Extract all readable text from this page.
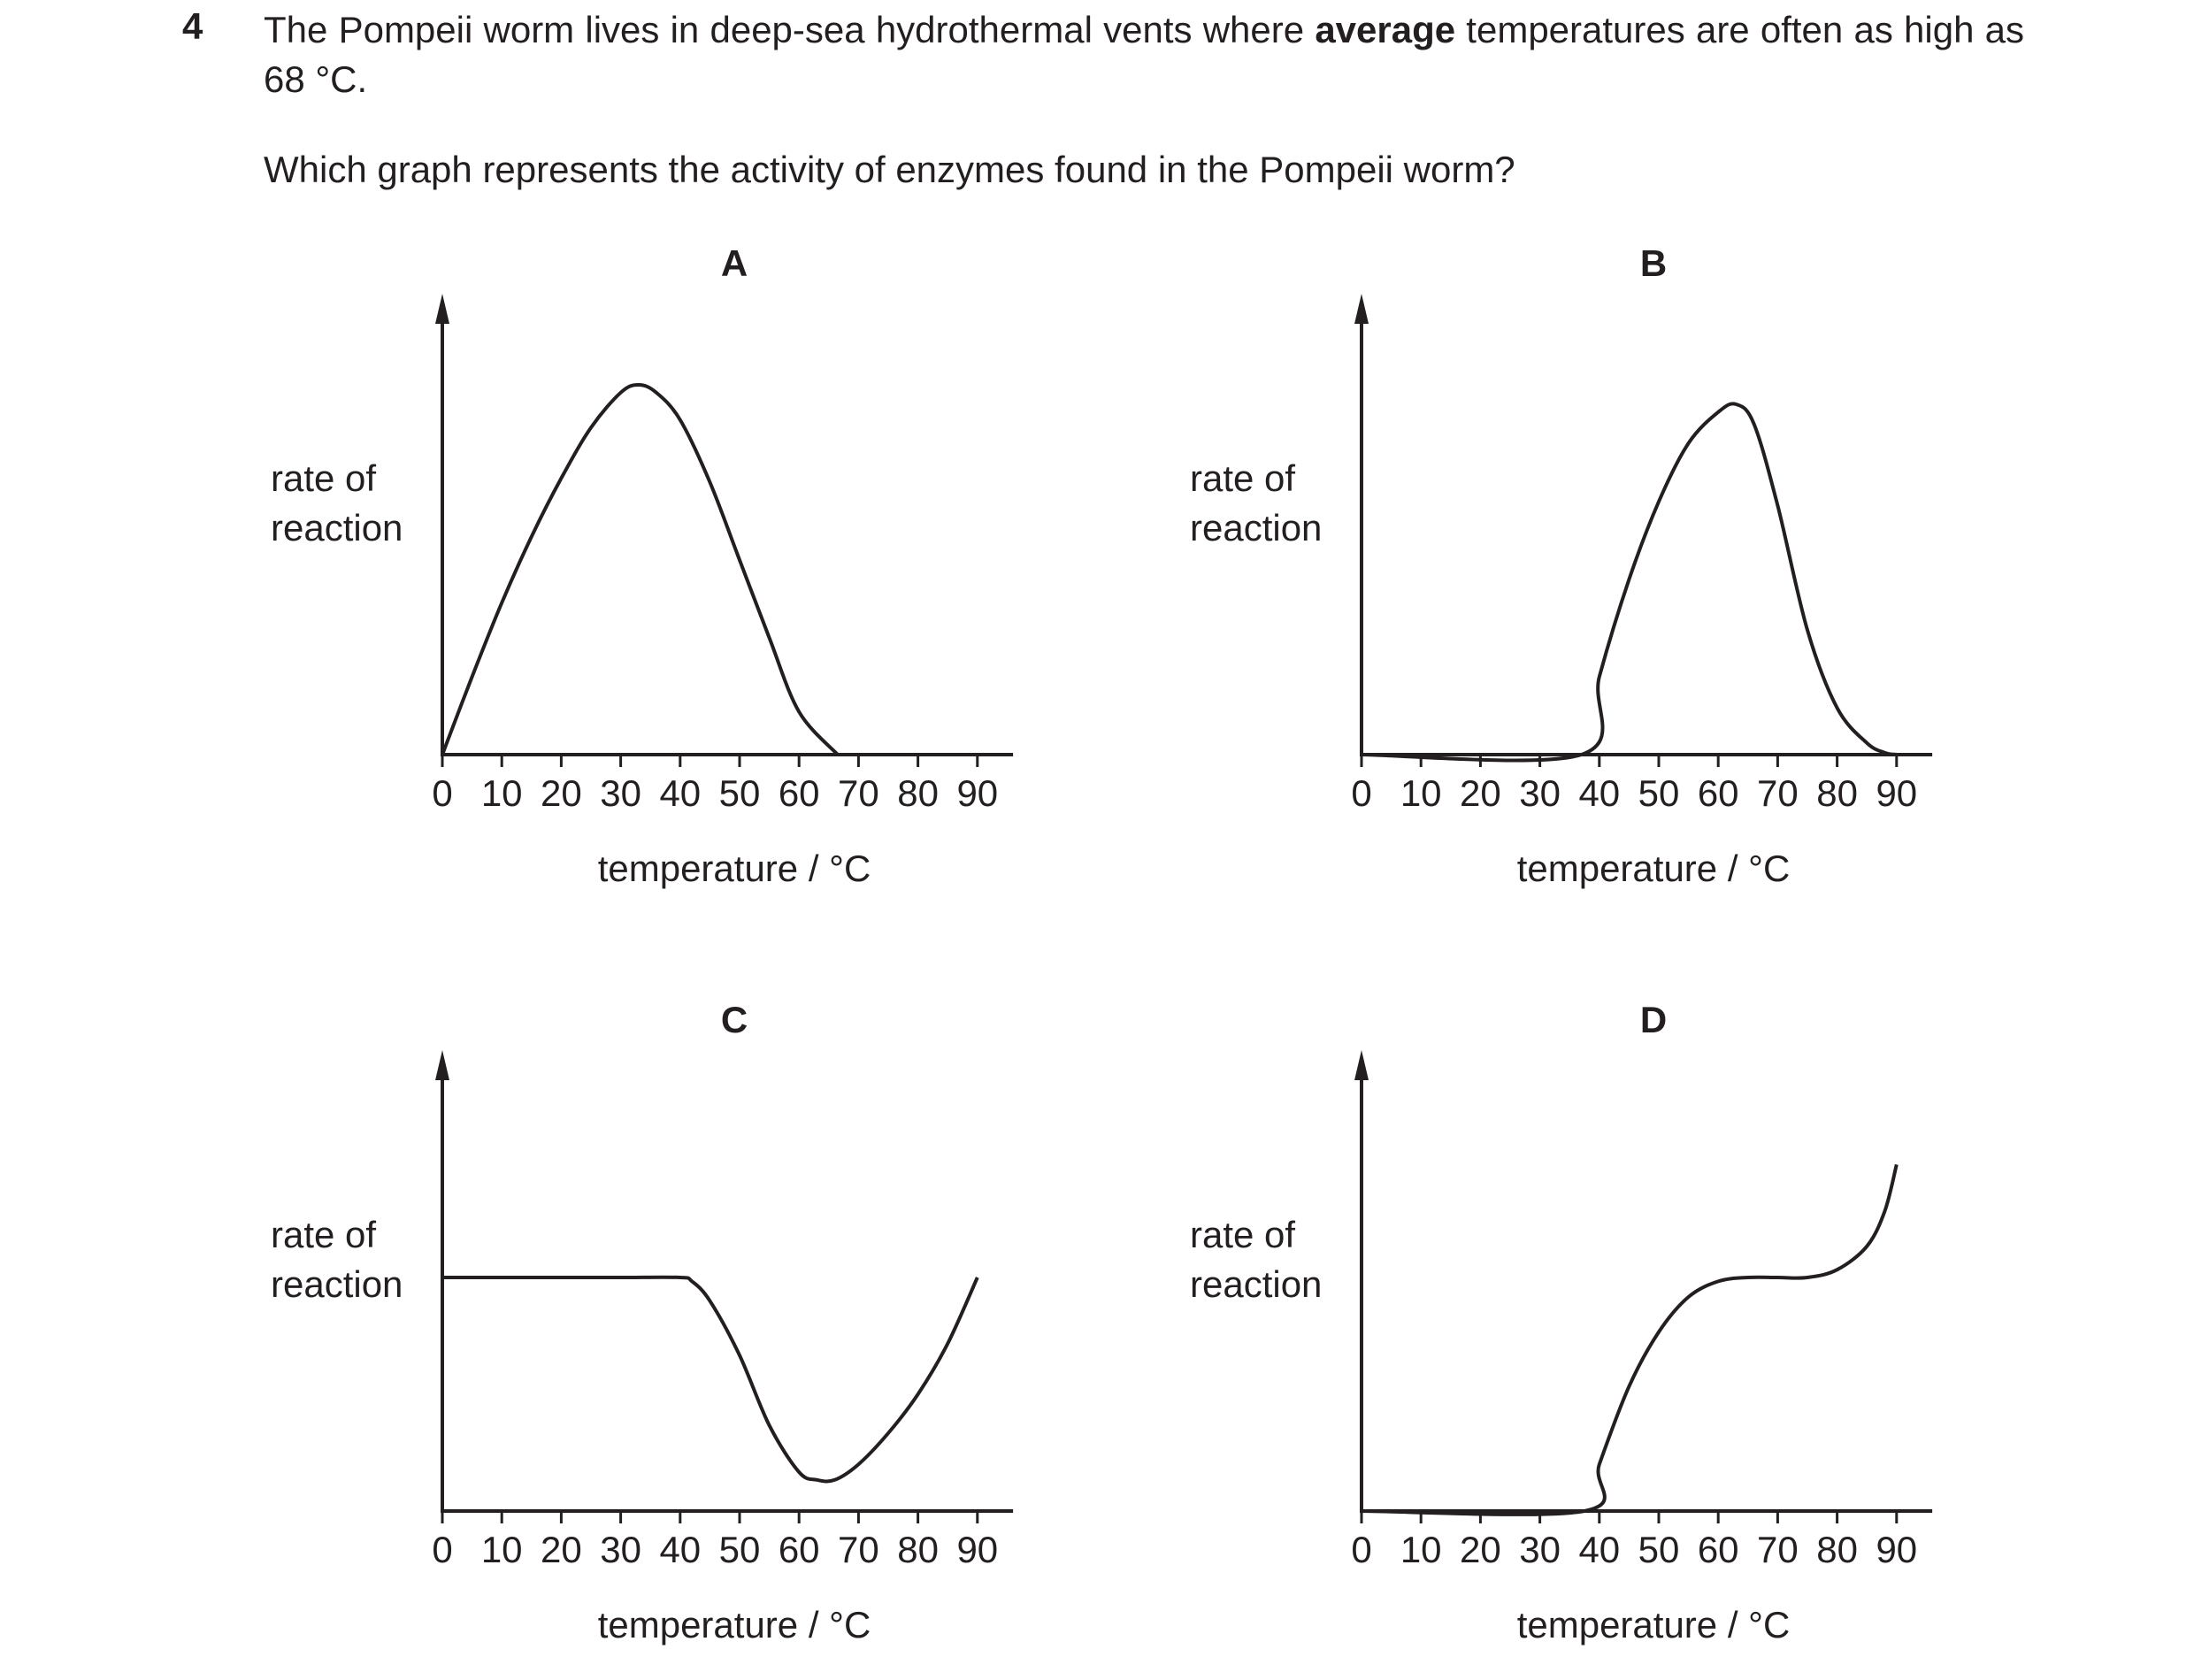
4 The Pompeii worm lives in deep-sea hydrothermal vents where average temperatures are often as high as 68 °C.
Which graph represents the activity of enzymes found in the Pompeii worm?
A
0 10 20 30 40 50 60 70 80 90
temperature / °C
rate of
reaction
B
0 10 20 30 40 50 60 70 80 90
temperature / °C
rate of
reaction
C
0 10 20 30 40 50 60 70 80 90
temperature / °C
rate of
reaction
D
0 10 20 30 40 50 60 70 80 90
temperature / °C
rate of
reaction
